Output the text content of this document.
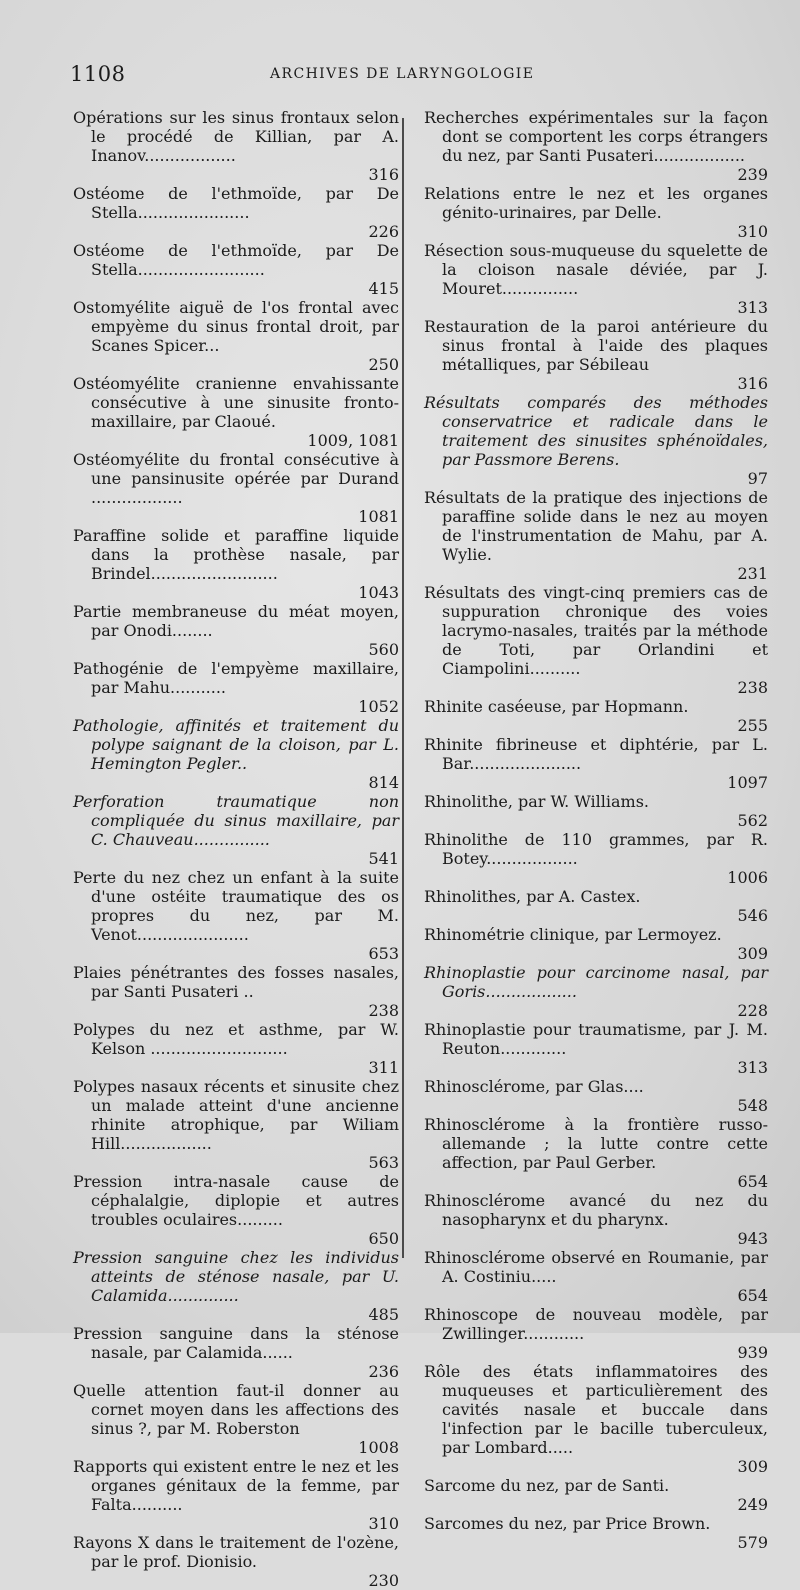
1108	ARCHIVES DE LARYNGOLOGIE
Opérations sur les sinus frontaux selon le procédé de Killian, par A. Inanov..................
316
Ostéome de l'ethmoïde, par De Stella......................
226
Ostéome de l'ethmoïde, par De Stella.........................
415
Ostomyélite aiguë de l'os frontal avec empyème du sinus frontal droit, par Scanes Spicer...
250
Ostéomyélite cranienne envahissante consécutive à une sinusite fronto-maxillaire, par Claoué.
1009, 1081
Ostéomyélite du frontal consécutive à une pansinusite opérée par Durand ..................
1081
Paraffine solide et paraffine liquide dans la prothèse nasale, par Brindel.........................
1043
Partie membraneuse du méat moyen, par Onodi........
560
Pathogénie de l'empyème maxillaire, par Mahu...........
1052
Pathologie, affinités et traitement du polype saignant de la cloison, par L. Hemington Pegler..
814
Perforation traumatique non compliquée du sinus maxillaire, par C. Chauveau...............
541
Perte du nez chez un enfant à la suite d'une ostéite traumatique des os propres du nez, par M. Venot......................
653
Plaies pénétrantes des fosses nasales, par Santi Pusateri ..
238
Polypes du nez et asthme, par W. Kelson ...........................
311
Polypes nasaux récents et sinusite chez un malade atteint d'une ancienne rhinite atrophique, par Wiliam Hill..................
563
Pression intra-nasale cause de céphalalgie, diplopie et autres troubles oculaires.........
650
Pression sanguine chez les individus atteints de sténose nasale, par U. Calamida..............
485
Pression sanguine dans la sténose nasale, par Calamida......
236
Quelle attention faut-il donner au cornet moyen dans les affections des sinus ?, par M. Roberston
1008
Rapports qui existent entre le nez et les organes génitaux de la femme, par Falta..........
310
Rayons X dans le traitement de l'ozène, par le prof. Dionisio.
230
Recherches expérimentales sur la façon dont se comportent les corps étrangers du nez, par Santi Pusateri..................
239
Relations entre le nez et les organes génito-urinaires, par Delle.
310
Résection sous-muqueuse du squelette de la cloison nasale déviée, par J. Mouret...............
313
Restauration de la paroi antérieure du sinus frontal à l'aide des plaques métalliques, par Sébileau
316
Résultats comparés des méthodes conservatrice et radicale dans le traitement des sinusites sphénoïdales, par Passmore Berens.
97
Résultats de la pratique des injections de paraffine solide dans le nez au moyen de l'instrumentation de Mahu, par A. Wylie.
231
Résultats des vingt-cinq premiers cas de suppuration chronique des voies lacrymo-nasales, traités par la méthode de Toti, par Orlandini et Ciampolini..........
238
Rhinite caséeuse, par Hopmann.
255
Rhinite fibrineuse et diphtérie, par L. Bar......................
1097
Rhinolithe, par W. Williams.
562
Rhinolithe de 110 grammes, par R. Botey..................
1006
Rhinolithes, par A. Castex.
546
Rhinométrie clinique, par Lermoyez.
309
Rhinoplastie pour carcinome nasal, par Goris..................
228
Rhinoplastie pour traumatisme, par J. M. Reuton.............
313
Rhinosclérome, par Glas....
548
Rhinosclérome à la frontière russo-allemande ; la lutte contre cette affection, par Paul Gerber.
654
Rhinosclérome avancé du nez du nasopharynx et du pharynx.
943
Rhinosclérome observé en Roumanie, par A. Costiniu.....
654
Rhinoscope de nouveau modèle, par Zwillinger............
939
Rôle des états inflammatoires des muqueuses et particulièrement des cavités nasale et buccale dans l'infection par le bacille tuberculeux, par Lombard.....
309
Sarcome du nez, par de Santi.
249
Sarcomes du nez, par Price Brown.
579
